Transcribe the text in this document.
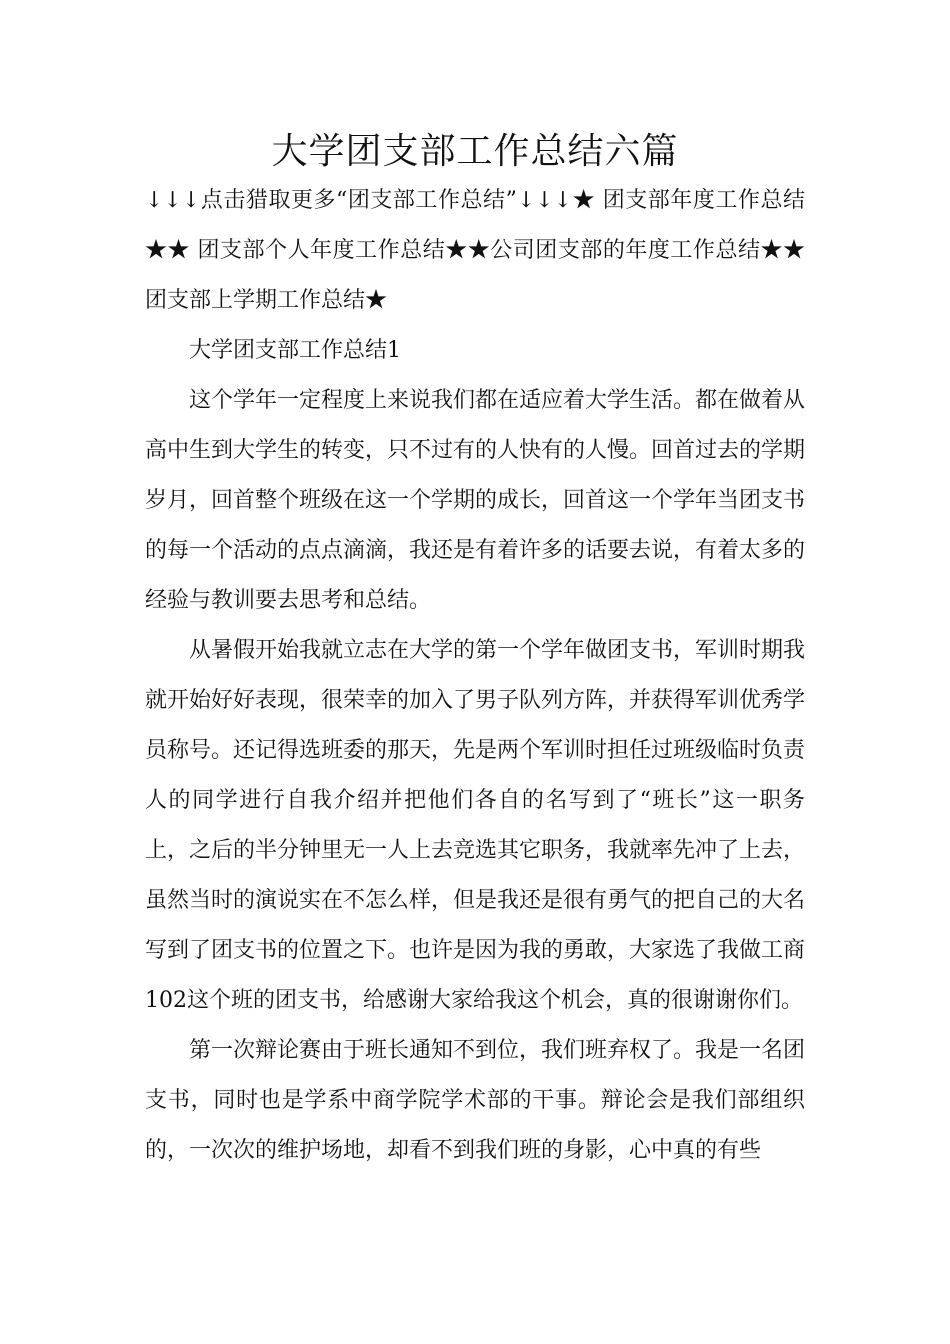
大学团支部工作总结六篇

↓↓↓点击猎取更多“团支部工作总结”↓↓↓★ 团支部年度工作总结★★ 团支部个人年度工作总结★★公司团支部的年度工作总结★★ 团支部上学期工作总结★

大学团支部工作总结1

这个学年一定程度上来说我们都在适应着大学生活。都在做着从高中生到大学生的转变，只不过有的人快有的人慢。回首过去的学期岁月，回首整个班级在这一个学期的成长，回首这一个学年当团支书的每一个活动的点点滴滴，我还是有着许多的话要去说，有着太多的经验与教训要去思考和总结。

从暑假开始我就立志在大学的第一个学年做团支书，军训时期我就开始好好表现，很荣幸的加入了男子队列方阵，并获得军训优秀学员称号。还记得选班委的那天，先是两个军训时担任过班级临时负责人的同学进行自我介绍并把他们各自的名写到了“班长”这一职务上，之后的半分钟里无一人上去竞选其它职务，我就率先冲了上去，虽然当时的演说实在不怎么样，但是我还是很有勇气的把自己的大名写到了团支书的位置之下。也许是因为我的勇敢，大家选了我做工商102这个班的团支书，给感谢大家给我这个机会，真的很谢谢你们。

第一次辩论赛由于班长通知不到位，我们班弃权了。我是一名团支书，同时也是学系中商学院学术部的干事。辩论会是我们部组织的，一次次的维护场地，却看不到我们班的身影，心中真的有些
